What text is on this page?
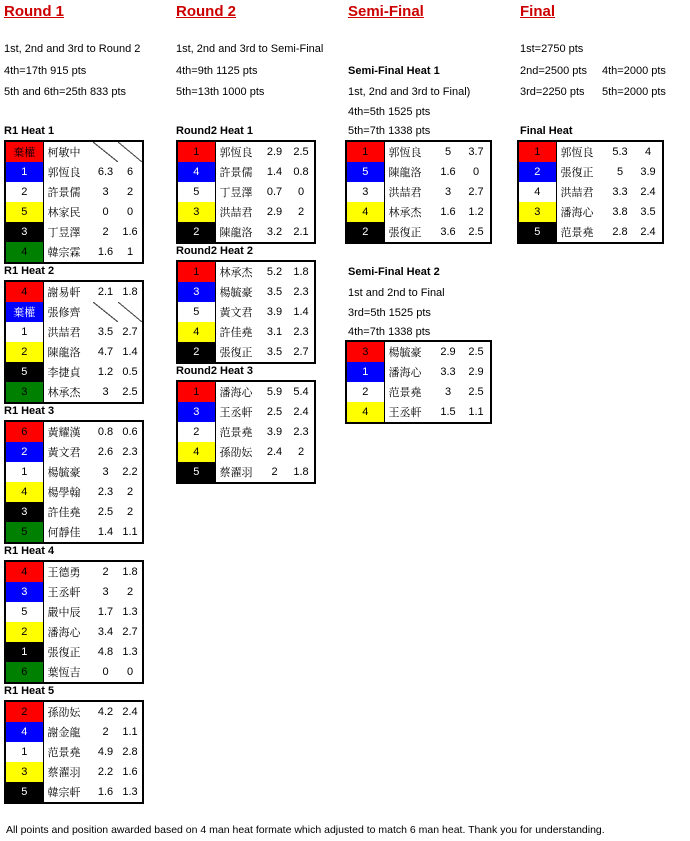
Round 1	Round 2	Semi-Final	Final
1st, 2nd and 3rd to Round 2
4th=17th 915 pts
5th and 6th=25th 833 pts
1st, 2nd and 3rd to Semi-Final
4th=9th 1125 pts
5th=13th 1000 pts
Semi-Final Heat 1
1st, 2nd and 3rd to Final)
4th=5th 1525 pts
5th=7th 1338 pts
Semi-Final Heat 2
1st and 2nd to Final
3rd=5th 1525 pts
4th=7th 1338 pts
1st=2750 pts
2nd=2500 pts 4th=2000 pts
3rd=2250 pts 5th=2000 pts
Final Heat
R1 Heat 1
棄權	柯敏中		
1	郭恆良	6.3	6
2	許景儒	3	2
5	林家民	0	0
3	丁昱澤	2	1.6
4	韓宗霖	1.6	1
R1 Heat 2
4	謝易軒	2.1	1.8
棄權	張修齊		
1	洪喆君	3.5	2.7
2	陳龍洛	4.7	1.4
5	李捷貞	1.2	0.5
3	林承杰	3	2.5
R1 Heat 3
6	黃耀漢	0.8	0.6
2	黃文君	2.6	2.3
1	楊毓豪	3	2.2
4	楊學翰	2.3	2
3	許佳堯	2.5	2
5	何靜佳	1.4	1.1
R1 Heat 4
4	王德勇	2	1.8
3	王丞軒	3	2
5	嚴中辰	1.7	1.3
2	潘海心	3.4	2.7
1	張復正	4.8	1.3
6	葉恆吉	0	0
R1 Heat 5
2	孫劭妘	4.2	2.4
4	謝金龍	2	1.1
1	范景堯	4.9	2.8
3	蔡濯羽	2.2	1.6
5	韓宗軒	1.6	1.3
Round2 Heat 1
1	郭恆良	2.9	2.5
4	許景儒	1.4	0.8
5	丁昱澤	0.7	0
3	洪喆君	2.9	2
2	陳龍洛	3.2	2.1
Round2 Heat 2
1	林承杰	5.2	1.8
3	楊毓豪	3.5	2.3
5	黃文君	3.9	1.4
4	許佳堯	3.1	2.3
2	張復正	3.5	2.7
Round2 Heat 3
1	潘海心	5.9	5.4
3	王丞軒	2.5	2.4
2	范景堯	3.9	2.3
4	孫劭妘	2.4	2
5	蔡濯羽	2	1.8
1	郭恆良	5	3.7
5	陳龍洛	1.6	0
3	洪喆君	3	2.7
4	林承杰	1.6	1.2
2	張復正	3.6	2.5
3	楊毓豪	2.9	2.5
1	潘海心	3.3	2.9
2	范景堯	3	2.5
4	王丞軒	1.5	1.1
1	郭恆良	5.3	4
2	張復正	5	3.9
4	洪喆君	3.3	2.4
3	潘海心	3.8	3.5
5	范景堯	2.8	2.4
All points and position awarded based on 4 man heat formate which adjusted to match 6 man heat. Thank you for understanding.
